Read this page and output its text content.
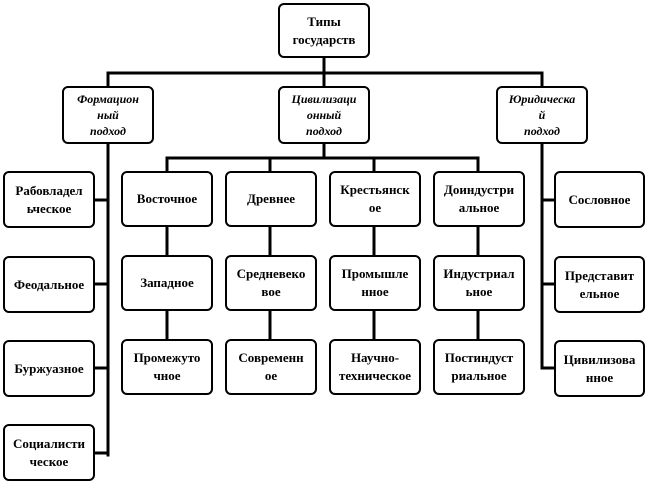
Типы
государств
Формацион
ный
подход
Цивилизаци
онный
подход
Юридическа
й
подход
Рабовладел
ьческое
Феодальное
Буржуазное
Социалисти
ческое
Восточное
Западное
Промежуто
чное
Древнее
Средневеко
вое
Современн
ое
Крестьянск
ое
Промышле
нное
Научно-
техническое
Доиндустри
альное
Индустриал
ьное
Постиндуст
риальное
Сословное
Представит
ельное
Цивилизова
нное
